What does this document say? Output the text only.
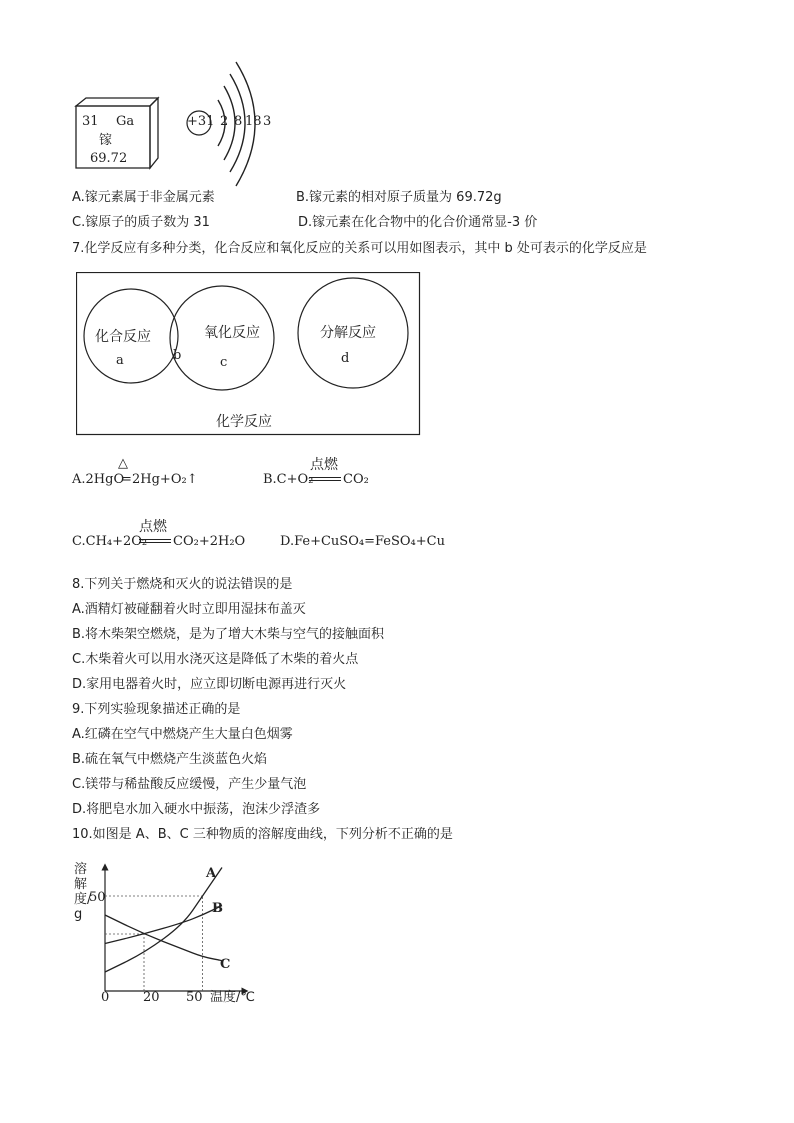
31 Ga
镓
69.72
+31 2 8 18 3
A.镓元素属于非金属元素	B.镓元素的相对原子质量为 69.72g
C.镓原子的质子数为 31	D.镓元素在化合物中的化合价通常显-3 价
7.化学反应有多种分类，化合反应和氧化反应的关系可以用如图表示，其中 b 处可表示的化学反应是
化合反应	氧化反应	分解反应
a	b	c	d
化学反应
A.2HgO
△
= 2Hg+O₂↑	B.C+O₂
点燃
CO₂
C.CH₄+2O₂
点燃
CO₂+2H₂O	D.Fe+CuSO₄=FeSO₄+Cu
8.下列关于燃烧和灭火的说法错误的是
A.酒精灯被碰翻着火时立即用湿抹布盖灭
B.将木柴架空燃烧，是为了增大木柴与空气的接触面积
C.木柴着火可以用水浇灭这是降低了木柴的着火点
D.家用电器着火时，应立即切断电源再进行灭火
9.下列实验现象描述正确的是
A.红磷在空气中燃烧产生大量白色烟雾
B.硫在氧气中燃烧产生淡蓝色火焰
C.镁带与稀盐酸反应缓慢，产生少量气泡
D.将肥皂水加入硬水中振荡，泡沫少浮渣多
10.如图是 A、B、C 三种物质的溶解度曲线，下列分析不正确的是
溶解度/g
50
0	20 50 温度/℃
A
B
C
